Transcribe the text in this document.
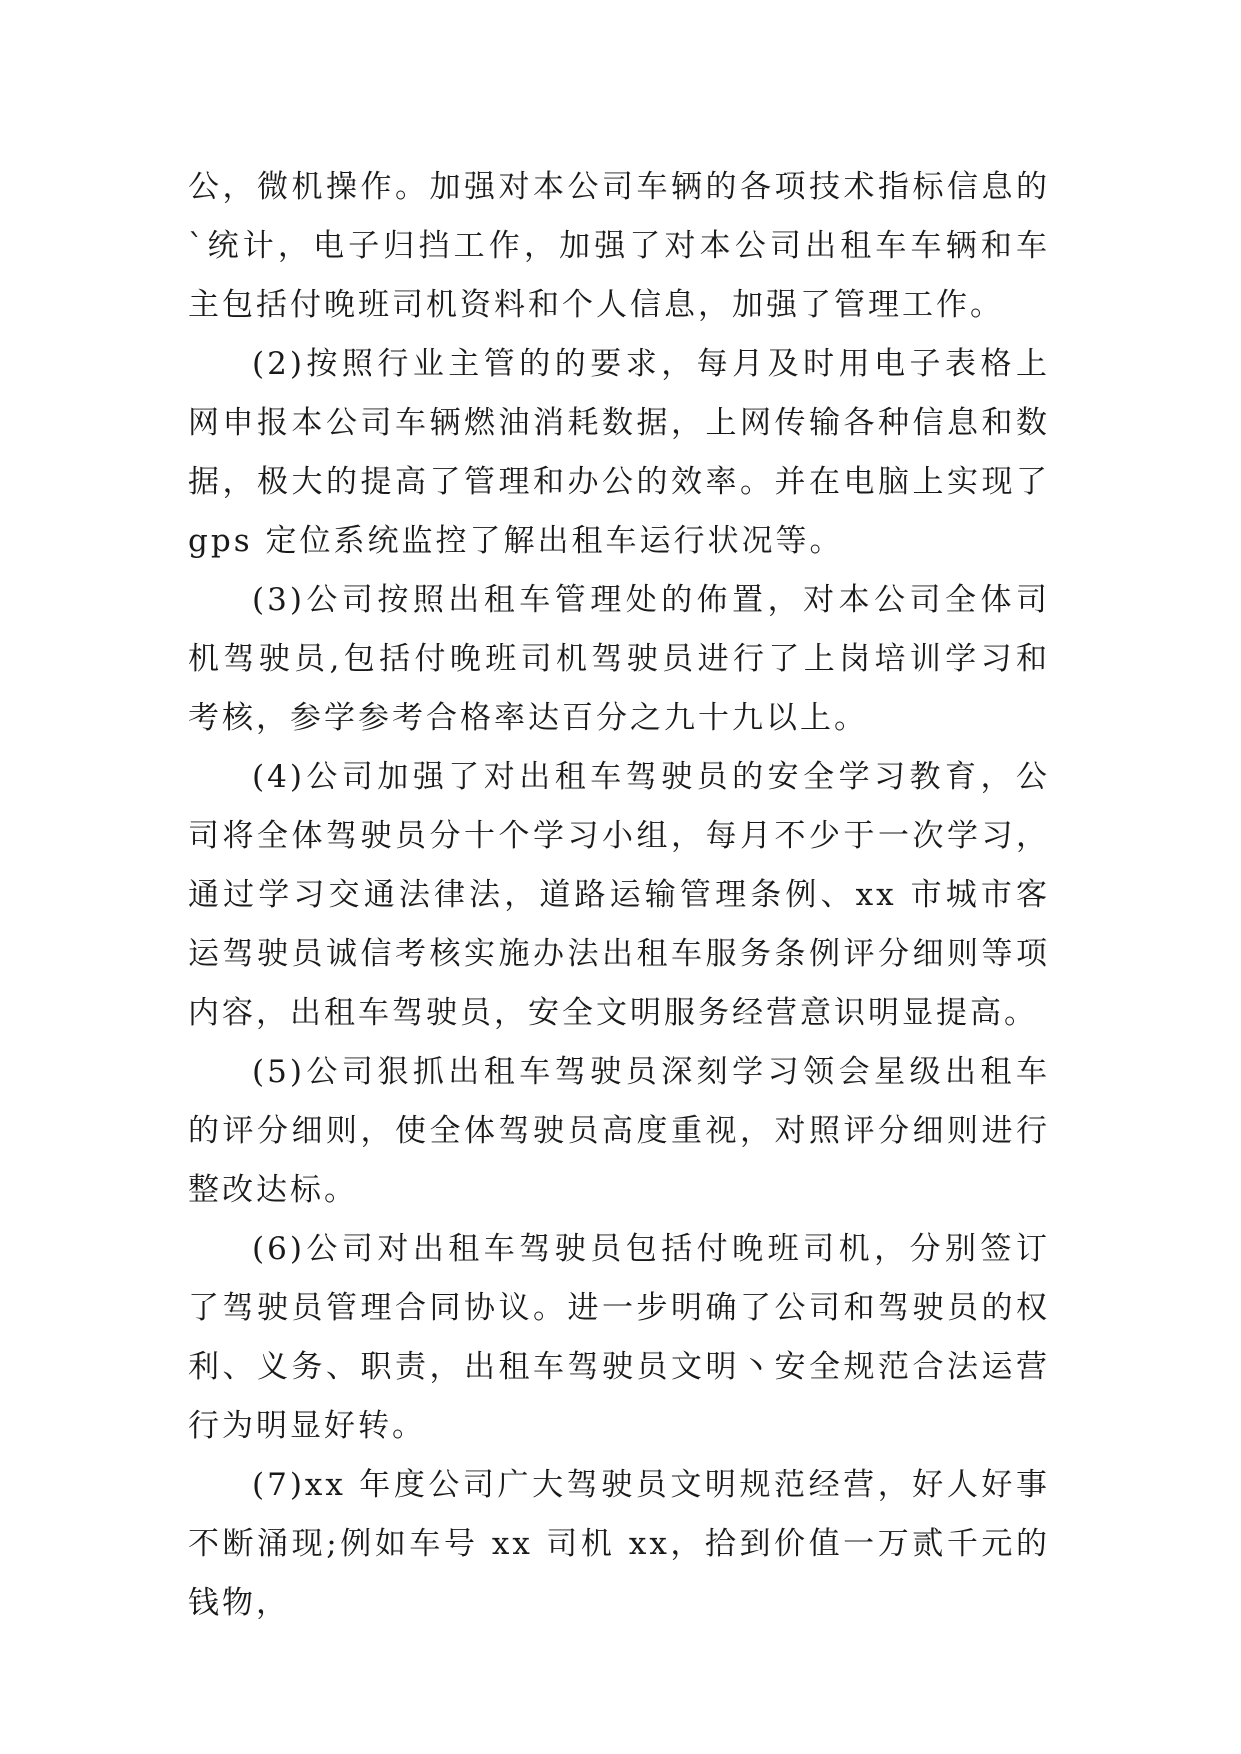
公，微机操作。加强对本公司车辆的各项技术指标信息的`统计，电子归挡工作，加强了对本公司出租车车辆和车主包括付晚班司机资料和个人信息，加强了管理工作。

(2)按照行业主管的的要求，每月及时用电子表格上网申报本公司车辆燃油消耗数据，上网传输各种信息和数据，极大的提高了管理和办公的效率。并在电脑上实现了 gps 定位系统监控了解出租车运行状况等。

(3)公司按照出租车管理处的佈置，对本公司全体司机驾驶员,包括付晚班司机驾驶员进行了上岗培训学习和考核，参学参考合格率达百分之九十九以上。

(4)公司加强了对出租车驾驶员的安全学习教育，公司将全体驾驶员分十个学习小组，每月不少于一次学习，通过学习交通法律法，道路运输管理条例、xx 市城市客运驾驶员诚信考核实施办法出租车服务条例评分细则等项内容，出租车驾驶员，安全文明服务经营意识明显提高。

(5)公司狠抓出租车驾驶员深刻学习领会星级出租车的评分细则，使全体驾驶员高度重视，对照评分细则进行整改达标。

(6)公司对出租车驾驶员包括付晚班司机，分别签订了驾驶员管理合同协议。进一步明确了公司和驾驶员的权利、义务、职责，出租车驾驶员文明丶安全规范合法运营行为明显好转。

(7)xx 年度公司广大驾驶员文明规范经营，好人好事不断涌现;例如车号 xx 司机 xx，拾到价值一万贰千元的钱物，
